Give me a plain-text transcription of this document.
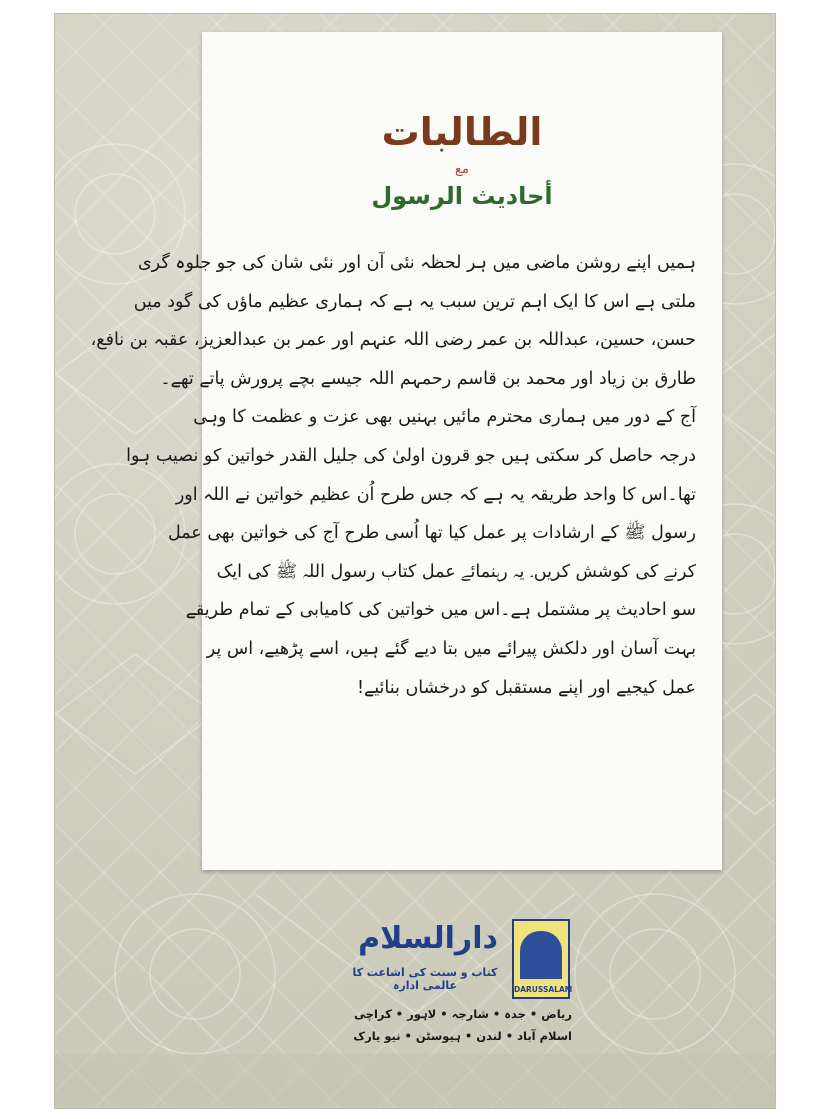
الطالبات
مع
أحاديث الرسول
ہمیں اپنے روشن ماضی میں ہر لحظہ نئی آن اور نئی شان کی جو جلوہ گری
ملتی ہے اس کا ایک اہم ترین سبب یہ ہے کہ ہماری عظیم ماؤں کی گود میں
حسن، حسین، عبداللہ بن عمر رضی اللہ عنہم اور عمر بن عبدالعزیز، عقبہ بن نافع،
طارق بن زیاد اور محمد بن قاسم رحمہم اللہ جیسے بچے پرورش پاتے تھے۔
آج کے دور میں ہماری محترم مائیں بہنیں بھی عزت و عظمت کا وہی
درجہ حاصل کر سکتی ہیں جو قرون اولیٰ کی جلیل القدر خواتین کو نصیب ہوا
تھا۔اس کا واحد طریقہ یہ ہے کہ جس طرح اُن عظیم خواتین نے اللہ اور
رسول ﷺ کے ارشادات پر عمل کیا تھا اُسی طرح آج کی خواتین بھی عمل
کرنے کی کوشش کریں۔ یہ رہنمائے عمل کتاب رسول اللہ ﷺ کی ایک
سو احادیث پر مشتمل ہے۔اس میں خواتین کی کامیابی کے تمام طریقے
بہت آسان اور دلکش پیرائے میں بتا دیے گئے ہیں، اسے پڑھیے، اس پر
عمل کیجیے اور اپنے مستقبل کو درخشاں بنائیے!
DARUSSALAM
دارالسلام
کتاب و سنت کی اشاعت کا عالمی ادارہ
ریاض • جدہ • شارجہ • لاہور • کراچی
اسلام آباد • لندن • ہیوسٹن • نیو یارک
